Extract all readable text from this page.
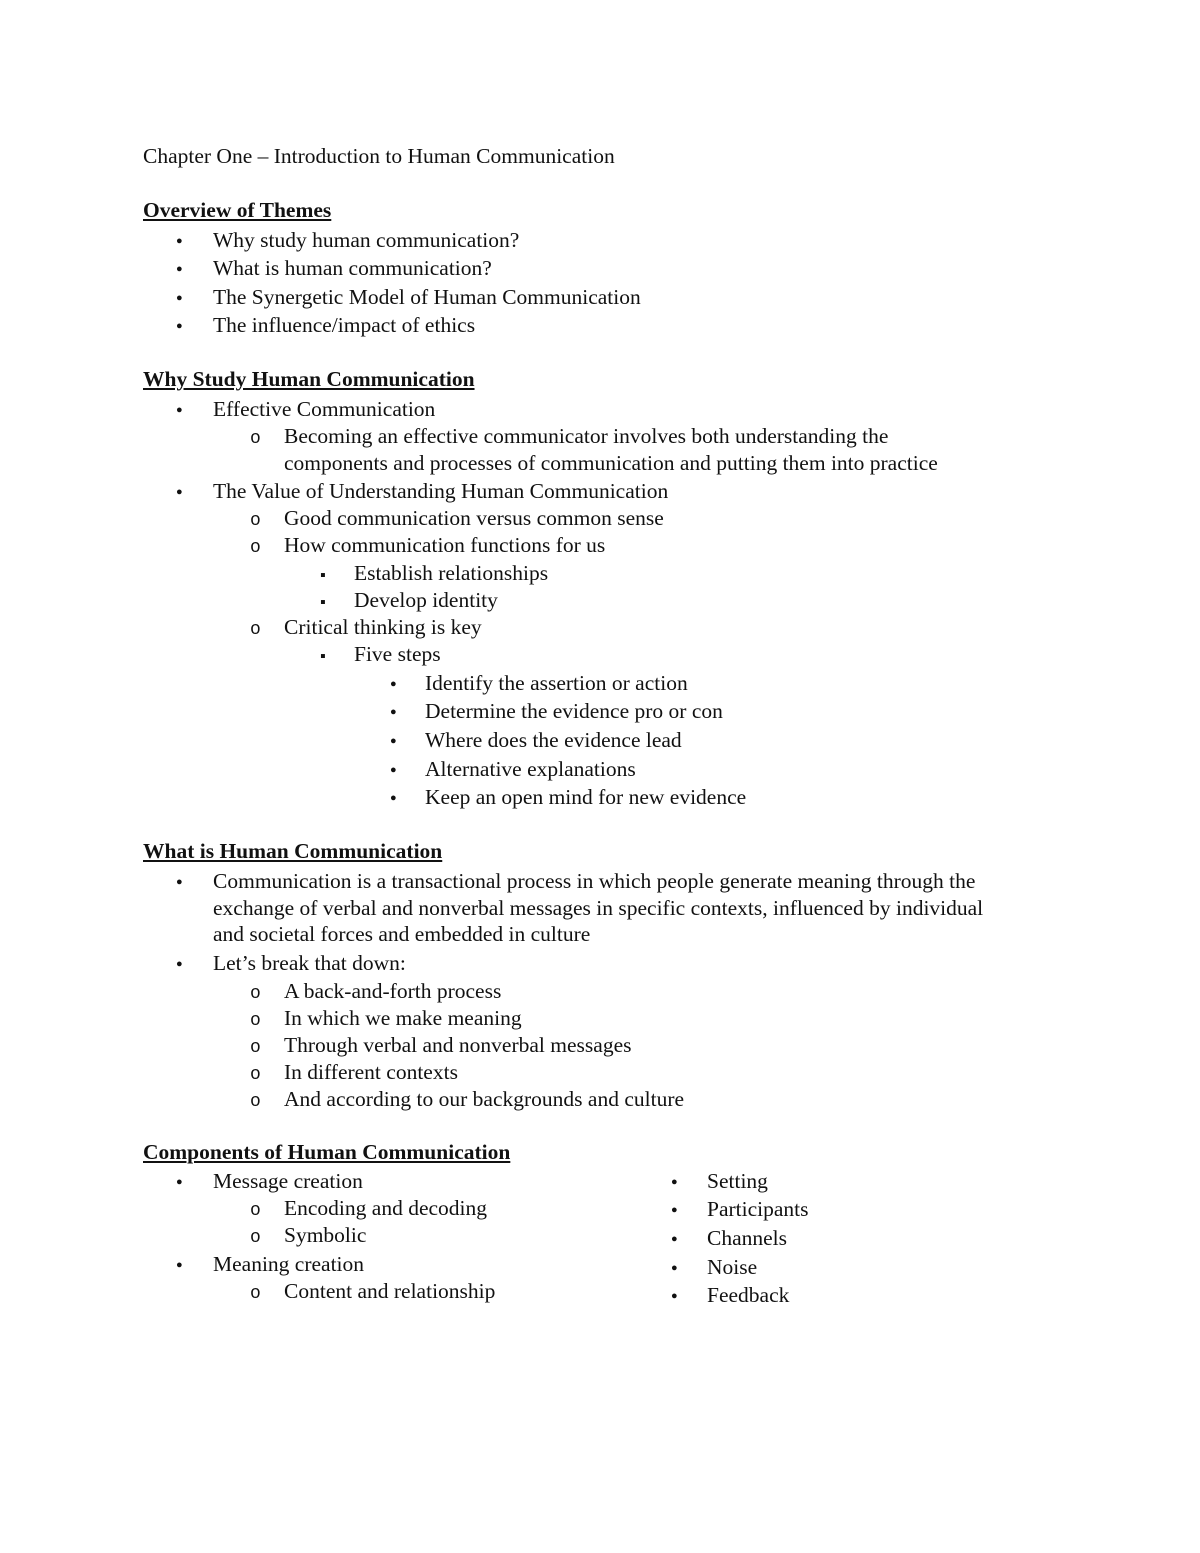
Chapter One – Introduction to Human Communication
Overview of Themes
●
Why study human communication?
●
What is human communication?
●
The Synergetic Model of Human Communication
●
The influence/impact of ethics
Why Study Human Communication
●
Effective Communication
o
Becoming an effective communicator involves both understanding the
components and processes of communication and putting them into practice
●
The Value of Understanding Human Communication
o
Good communication versus common sense
o
How communication functions for us
▪
Establish relationships
▪
Develop identity
o
Critical thinking is key
▪
Five steps
●
Identify the assertion or action
●
Determine the evidence pro or con
●
Where does the evidence lead
●
Alternative explanations
●
Keep an open mind for new evidence
What is Human Communication
●
Communication is a transactional process in which people generate meaning through the
exchange of verbal and nonverbal messages in specific contexts, influenced by individual
and societal forces and embedded in culture
●
Let’s break that down:
o
A back-and-forth process
o
In which we make meaning
o
Through verbal and nonverbal messages
o
In different contexts
o
And according to our backgrounds and culture
Components of Human Communication
●
Message creation
o
Encoding and decoding
o
Symbolic
●
Meaning creation
o
Content and relationship
●
Setting
●
Participants
●
Channels
●
Noise
●
Feedback
